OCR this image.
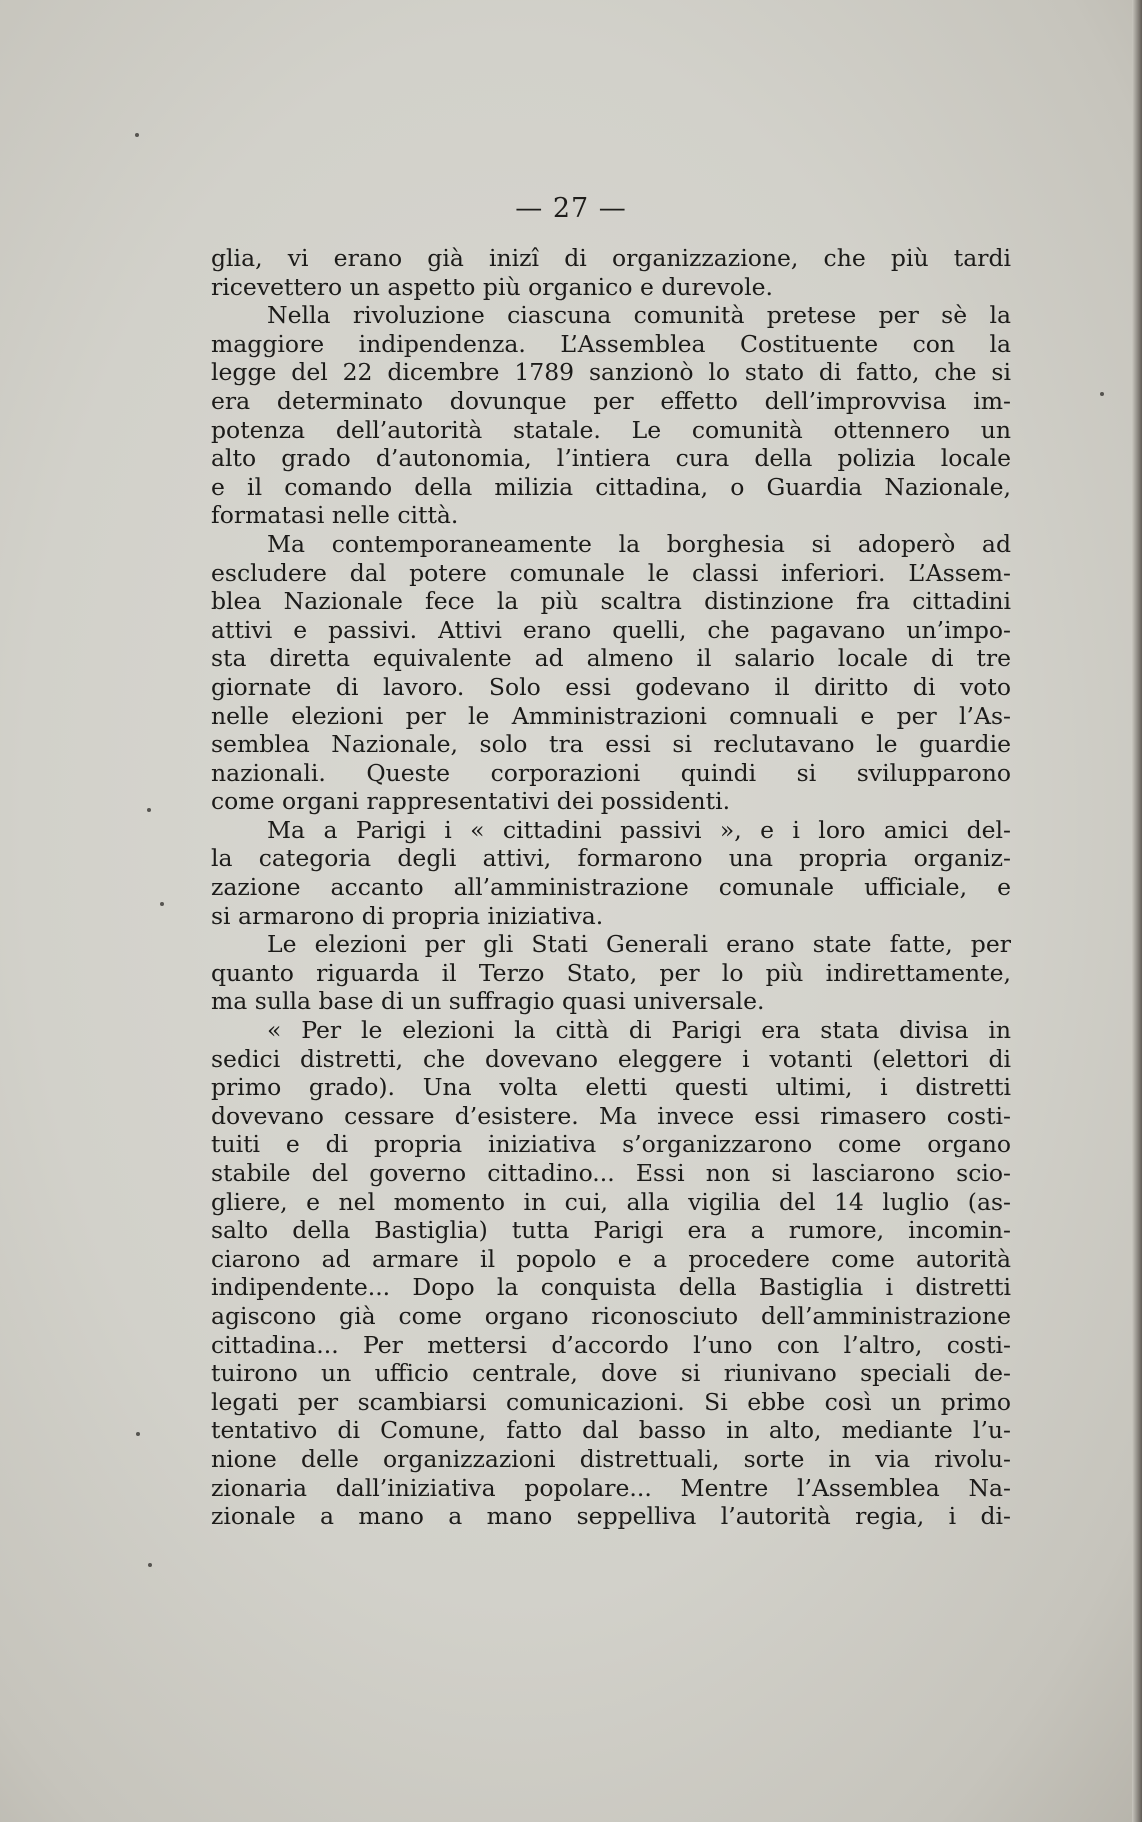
— 27 —
glia, vi erano già inizî di organizzazione, che più tardi
ricevettero un aspetto più organico e durevole.
Nella rivoluzione ciascuna comunità pretese per sè la
maggiore indipendenza. L’Assemblea Costituente con la
legge del 22 dicembre 1789 sanzionò lo stato di fatto, che si
era determinato dovunque per effetto dell’improvvisa im-
potenza dell’autorità statale. Le comunità ottennero un
alto grado d’autonomia, l’intiera cura della polizia locale
e il comando della milizia cittadina, o Guardia Nazionale,
formatasi nelle città.
Ma contemporaneamente la borghesia si adoperò ad
escludere dal potere comunale le classi inferiori. L’Assem-
blea Nazionale fece la più scaltra distinzione fra cittadini
attivi e passivi. Attivi erano quelli, che pagavano un’impo-
sta diretta equivalente ad almeno il salario locale di tre
giornate di lavoro. Solo essi godevano il diritto di voto
nelle elezioni per le Amministrazioni comnuali e per l’As-
semblea Nazionale, solo tra essi si reclutavano le guardie
nazionali. Queste corporazioni quindi si svilupparono
come organi rappresentativi dei possidenti.
Ma a Parigi i « cittadini passivi », e i loro amici del-
la categoria degli attivi, formarono una propria organiz-
zazione accanto all’amministrazione comunale ufficiale, e
si armarono di propria iniziativa.
Le elezioni per gli Stati Generali erano state fatte, per
quanto riguarda il Terzo Stato, per lo più indirettamente,
ma sulla base di un suffragio quasi universale.
« Per le elezioni la città di Parigi era stata divisa in
sedici distretti, che dovevano eleggere i votanti (elettori di
primo grado). Una volta eletti questi ultimi, i distretti
dovevano cessare d’esistere. Ma invece essi rimasero costi-
tuiti e di propria iniziativa s’organizzarono come organo
stabile del governo cittadino... Essi non si lasciarono scio-
gliere, e nel momento in cui, alla vigilia del 14 luglio (as-
salto della Bastiglia) tutta Parigi era a rumore, incomin-
ciarono ad armare il popolo e a procedere come autorità
indipendente... Dopo la conquista della Bastiglia i distretti
agiscono già come organo riconosciuto dell’amministrazione
cittadina... Per mettersi d’accordo l’uno con l’altro, costi-
tuirono un ufficio centrale, dove si riunivano speciali de-
legati per scambiarsi comunicazioni. Si ebbe così un primo
tentativo di Comune, fatto dal basso in alto, mediante l’u-
nione delle organizzazioni distrettuali, sorte in via rivolu-
zionaria dall’iniziativa popolare... Mentre l’Assemblea Na-
zionale a mano a mano seppelliva l’autorità regia, i di-
